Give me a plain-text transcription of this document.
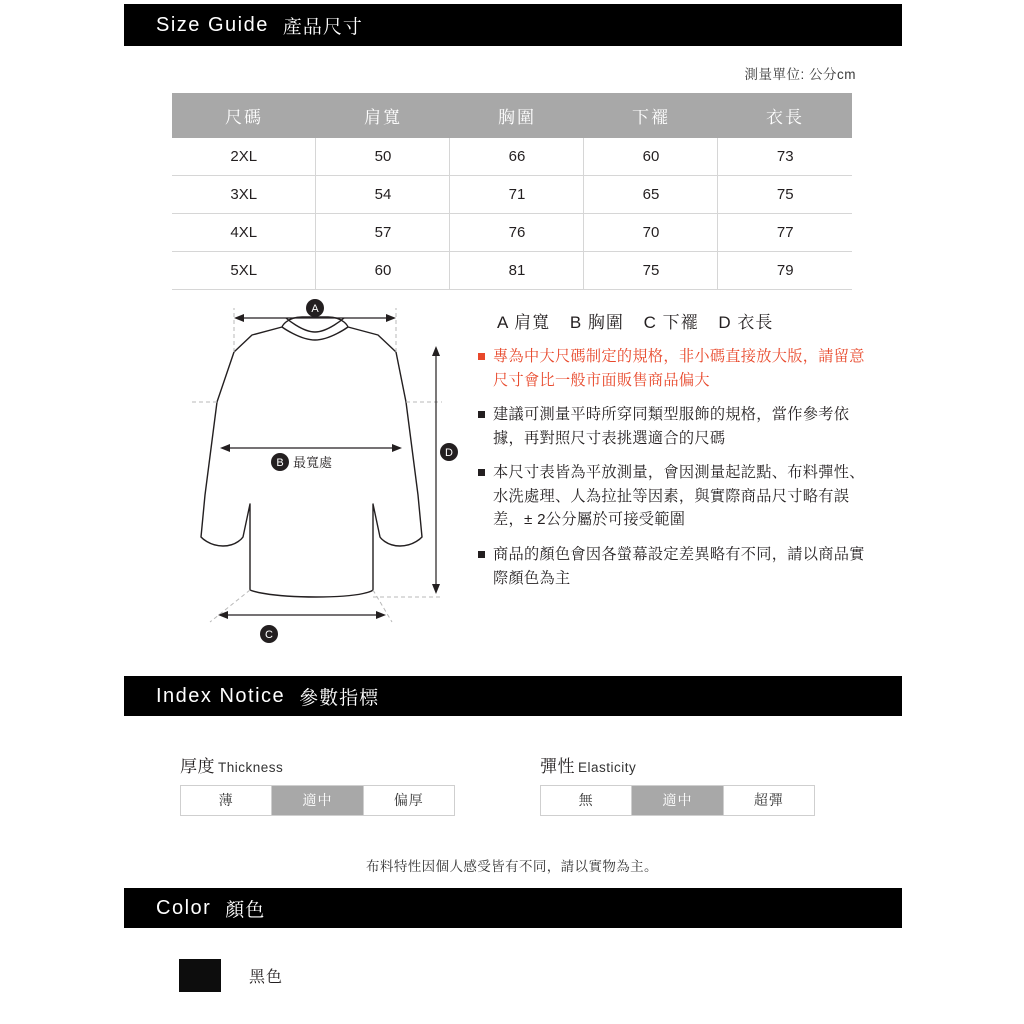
Size Guide 產品尺寸
測量單位: 公分cm
尺碼	肩寬	胸圍	下襬	衣長
2XL	50	66	60	73
3XL	54	71	65	75
4XL	57	76	70	77
5XL	60	81	75	79
A
B 最寬處
C
D
A 肩寬 B 胸圍 C 下襬 D 衣長
專為中大尺碼制定的規格，非小碼直接放大版，請留意尺寸會比一般市面販售商品偏大
建議可測量平時所穿同類型服飾的規格，當作參考依據，再對照尺寸表挑選適合的尺碼
本尺寸表皆為平放測量，會因測量起訖點、布料彈性、水洗處理、人為拉扯等因素，與實際商品尺寸略有誤差，± 2公分屬於可接受範圍
商品的顏色會因各螢幕設定差異略有不同，請以商品實際顏色為主
Index Notice 參數指標
厚度 Thickness
薄	適中	偏厚
彈性 Elasticity
無	適中	超彈
布料特性因個人感受皆有不同，請以實物為主。
Color 顏色
黑色
